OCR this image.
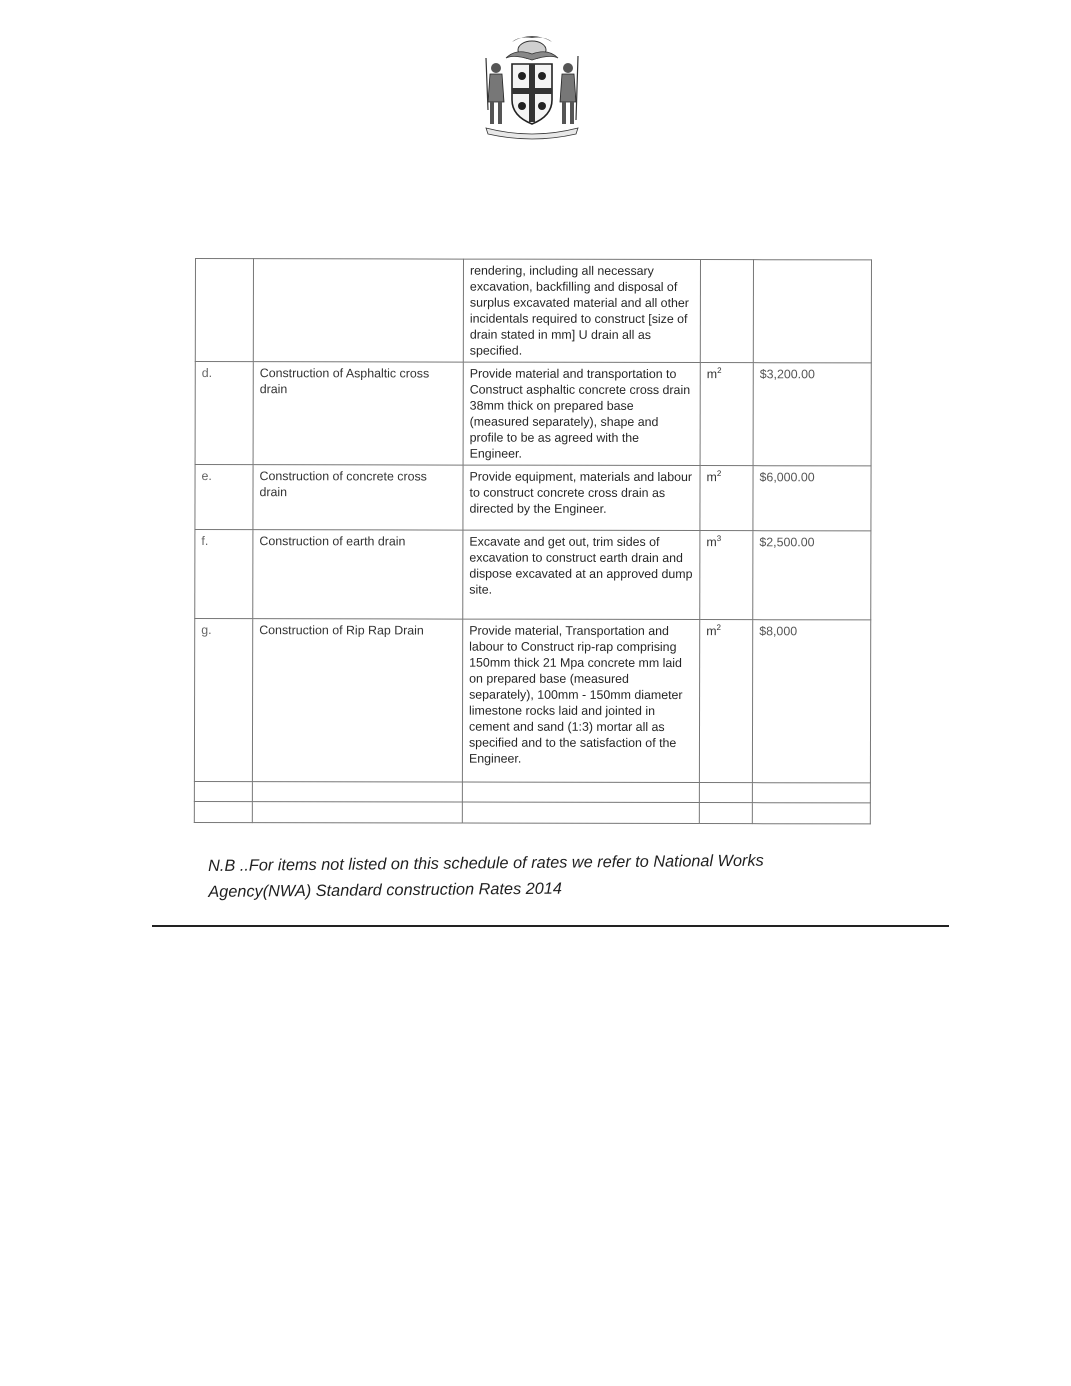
		rendering, including all necessary excavation, backfilling and disposal of surplus excavated material and all other incidentals required to construct [size of drain stated in mm] U drain all as specified.		
d.	Construction of Asphaltic cross drain	Provide material and transportation to Construct asphaltic concrete cross drain 38mm thick on prepared base (measured separately), shape and profile to be as agreed with the Engineer.	$m^2$	$3,200.00
e.	Construction of concrete cross drain	Provide equipment, materials and labour to construct concrete cross drain as directed by the Engineer.	$m^2$	$6,000.00
f.	Construction of earth drain	Excavate and get out, trim sides of excavation to construct earth drain and dispose excavated at an approved dump site.	$m^3$	$2,500.00
g.	Construction of Rip Rap Drain	Provide material, Transportation and labour to Construct rip-rap comprising 150mm thick 21 Mpa concrete mm laid on prepared base (measured separately), 100mm - 150mm diameter limestone rocks laid and jointed in cement and sand (1:3) mortar all as specified and to the satisfaction of the Engineer.	$m^2$	$8,000

N.B ..For items not listed on this schedule of rates we refer to National Works
Agency(NWA) Standard construction Rates 2014
